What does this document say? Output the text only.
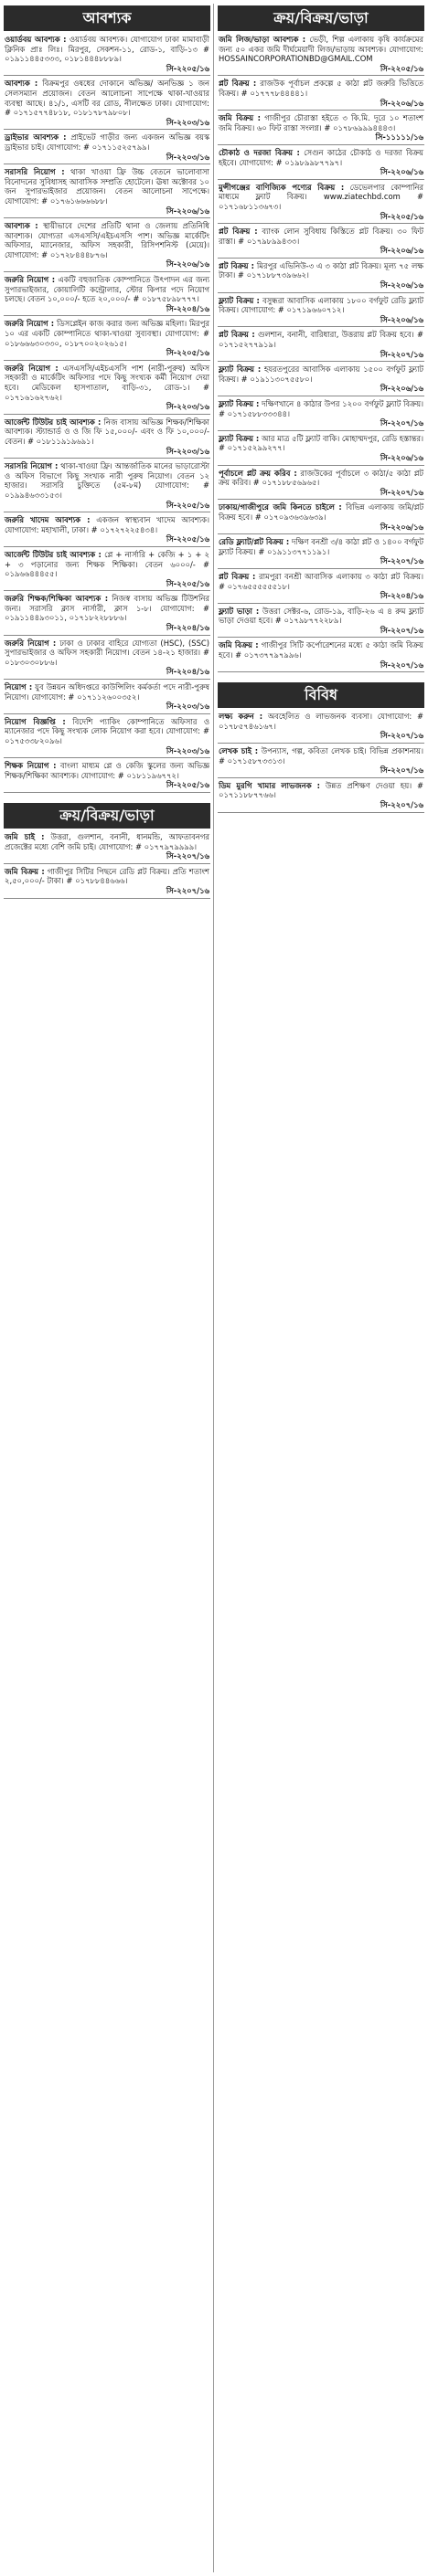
আবশ্যক
ওয়ার্ডবয় আবশ্যক : ওয়ার্ডবয় আবশ্যক। যোগাযোগ ঢাকা মামাবাড়ী ক্লিনিক প্রাঃ লিঃ। মিরপুর, সেকশন-১১, রোড-১, বাড়ি-১৩ # ০১৯১১৪৪৫৩৩৩, ০১৮১৪৪৪৮৮৮৯।
সি-২২০৫/১৬
আবশ্যক : বিক্রমপুর ওষধের দোকানে অভিজ্ঞ/ অনভিজ্ঞ ১ জন সেলসম্যান প্রয়োজন। বেতন আলোচনা সাপেক্ষে থাকা-খাওয়ার ব্যবস্থা আছে। ৪১/১, এসটি বর রোড, নীলক্ষেত ঢাকা। যোগাযোগ: # ০১৭১৫৭৭৪৮১৮, ০১৮১৭৮৭৯৮০৮।
সি-২২০৩/১৬
ড্রাইভার আবশ্যক : প্রাইভেট গাড়ীর জন্য একজন অভিজ্ঞ বয়স্ক ড্রাইভার চাই। যোগাযোগ: # ০১৭১১৫২৫৭৯৯।
সি-২২০৩/১৬
সরাসরি নিয়োগ : থাকা খাওয়া ফ্রি উচ্চ বেতনে ভালোবাসা বিনোদনের সুবিধাসহ আবাসিক সম্প্রতি হোটেলে। ঊষা অক্টোবর ১০ জন সুপারভাইজার প্রয়োজন। বেতন আলোচনা সাপেক্ষে। যোগাযোগ: # ০১৭৬১৬৬৬৬৮৮।
সি-২২০৬/১৬
আবশ্যক : স্থায়ীভাবে দেশের প্রতিটি থানা ও জেলায় প্রতিনিধি আবশ্যক। যোগ্যতা এসএসসি/এইচএসসি পাশ। অভিজ্ঞ মার্কেটিং অফিসার, ম্যানেজার, অফিস সহকারী, রিসিপশনিস্ট (মেয়ে)। যোগাযোগ: # ০১৭২৮৪৪৪৮৭৬।
সি-২২০৬/১৬
জরুরি নিয়োগ : একটি বহুজাতিক কোম্পানিতে উৎপাদন এর জন্য সুপারভাইজার, কোয়ালিটি কন্ট্রোলার, স্টোর কিপার পদে নিয়োগ চলছে। বেতন ১০,০০০/- হতে ২০,০০০/- # ০১৮৭৫৮৯৮৭৭৭।
সি-২২০৪/১৬
জরুরি নিয়োগ : ডিসপ্লেইন কাজ করার জন্য অভিজ্ঞ মহিলা। মিরপুর ১০ এর একটি কোম্পানিতে থাকা-খাওয়া সুব্যবস্থা। যোগাযোগ: # ০১৮৬৬৬৩০৩৩০, ০১৮৭০০২০২৬১৫।
সি-২২০৫/১৬
জরুরি নিয়োগ : এসএসসি/এইচএসসি পাশ (নারী-পুরুষ) অফিস সহকারী ও মার্কেটিং অফিসার পদে কিছু সংখ্যক কর্মী নিয়োগ দেয়া হবে। মেডিকেল হাসপাতাল, বাড়ি-৩১, রোড-১। # ০১৭১৬১৬২৭৬২।
সি-২২০৩/১৬
আর্জেন্ট টিউটর চাই আবশ্যক : নিজ বাসায় অভিজ্ঞ শিক্ষক/শিক্ষিকা আবশ্যক। স্ট্যান্ডার্ড ও ও জি ফি ১৫,০০০/- এবং ও ফি ১০,০০০/- বেতন। # ০১৮১১৯১৯৬৯১।
সি-২২০৩/১৬
সরাসরি নিয়োগ : থাকা-খাওয়া ফ্রি। আন্তর্জাতিক মানের ভাড়ারোস্টা ও অফিস বিভাগে কিছু সংখ্যক নারী পুরুষ নিয়োগ। বেতন ১২ হাজার। সরাসরি চুক্তিতে (৫ম-৮ম) যোগাযোগ: # ০১৯৯৪৬৩৩১৫৩।
সি-২২০৫/১৬
জরুরি খাদেম আবশ্যক : একজন স্বাস্থ্যবান খাদেম আবশ্যক। যোগাযোগ: মহাখালী, ঢাকা। # ০১৭২৭২২৫৪৩৪।
সি-২২০৫/১৬
আর্জেন্ট টিউটর চাই আবশ্যক : প্লে + নার্সারি + কেজি + ১ + ২ + ৩ পড়ানোর জন্য শিক্ষক শিক্ষিকা। বেতন ৬০০০/- # ০১৯৬৬৪৪৪৫৫।
সি-২২০৫/১৬
জরুরি শিক্ষক/শিক্ষিকা আবশ্যক : নিজস্ব বাসায় অভিজ্ঞ টিউশনির জন্য। সরাসরি ক্লাস নার্সারী, ক্লাস ১-৮। যোগাযোগ: # ০১৯১১৪৪৯৩০১১, ০১৭১৮২২৮৮৮৬।
সি-২২০৪/১৬
জরুরি নিয়োগ : ঢাকা ও ঢাকার বাহিরে যোগ্যতা (HSC), (SSC) সুপারভাইজার ও অফিস সহকারী নিয়োগ। বেতন ১৪-২১ হাজার। # ০১৮৩০৩০৮৮৬।
সি-২২০৪/১৬
নিয়োগ : যুব উন্নয়ন অধিদপ্তরে কাউন্সিলিং কর্মকর্তা পদে নারী-পুরুষ নিয়োগ। যোগাযোগ: # ০১৭১১২৬০০৩৫২।
সি-২২০৩/১৬
নিয়োগ বিজ্ঞপ্তি : বিদেশি প্যাকিং কোম্পানিতে অফিসার ও ম্যানেজার পদে কিছু সংখ্যক লোক নিয়োগ করা হবে। যোগাযোগ: # ০১৭৫৩৩৮২০৯৬।
সি-২২০৩/১৬
শিক্ষক নিয়োগ : বাংলা মাধ্যম প্লে ও কেজি স্কুলের জন্য অভিজ্ঞ শিক্ষক/শিক্ষিকা আবশ্যক। যোগাযোগ: # ০১৮১১৯৬৭৭২।
সি-২২০৫/১৬
ক্রয়/বিক্রয়/ভাড়া
জমি চাই : উত্তরা, গুলশান, বনানী, ধানমন্ডি, আফতাবনগর প্রজেক্টের মধ্যে বেশি জমি চাই। যোগাযোগ: # ০১৭৭৯৭৯৯৯৯।
সি-২২০৭/১৬
জমি বিক্রয় : গাজীপুর সিটির পিছনে রেডি প্লট বিক্রয়। প্রতি শতাংশ ২,৫০,০০০/- টাকা। # ০১৭৮৮৪৪৬৬৬।
সি-২২০৭/১৬
ক্রয়/বিক্রয়/ভাড়া
জমি লিজ/ভাড়া আবশ্যক : ভেড়ী, শিল্প এলাকায় কৃষি কার্যক্রমের জন্য ৫০ একর জমি দীর্ঘমেয়াদী লিজ/ভাড়ায় আবশ্যক। যোগাযোগ: HOSSAINCORPORATIONBD@GMAIL.COM
সি-২২০৫/১৬
প্লট বিক্রয় : রাজউক পূর্বাচল প্রকল্পে ৫ কাঠা প্লট জরুরি ভিত্তিতে বিক্রয়। # ০১৭৭৭৮৪৪৪৪১।
সি-২২০৬/১৬
জমি বিক্রয় : গাজীপুর চৌরাস্তা হইতে ৩ কি.মি. দূরে ১০ শতাংশ জমি বিক্রয়। ৬০ ফিট রাস্তা সংলগ্ন। # ০১৭৮৬৯৯৯৪৪৪৩।
সি-১১১১১/১৬
চৌকাঠ ও দরজা বিক্রয় : সেগুন কাঠের চৌকাঠ ও দরজা বিক্রয় হইবে। যোগাযোগ: # ০১৯৮৯৯৮৭৭৯৭।
সি-২২০৬/১৬
মুন্সীগঞ্জের বাণিজ্যিক পণ্যের বিক্রয় : ডেভেলপার কোম্পানির মাধ্যমে ফ্ল্যাট বিক্রয়। www.ziatechbd.com # ০১৭১৬৮১১৩৬৭৩।
সি-২২০৫/১৬
প্লট বিক্রয় : ব্যাংক লোন সুবিধায় কিস্তিতে প্লট বিক্রয়। ৩০ ফিট রাস্তা। # ০১৭৯৮৯৯৪৩৩।
সি-২২০৬/১৬
প্লট বিক্রয় : মিরপুর এভিনিউ-৩ এ ৩ কাঠা প্লট বিক্রয়। মূল্য ৭৫ লক্ষ টাকা। # ০১৭১৮৮৭৩৯৬৬২।
সি-২২০৬/১৬
ফ্ল্যাট বিক্রয় : বসুন্ধরা আবাসিক এলাকায় ১৮০০ বর্গফুট রেডি ফ্ল্যাট বিক্রয়। যোগাযোগ: # ০১৭১৯৬৬০৭১২।
সি-২২০৬/১৬
প্লট বিক্রয় : গুলশান, বনানী, বারিধারা, উত্তরায় প্লট বিক্রয় হবে। # ০১৭১৫২৭৭৯১৯।
সি-২২০৭/১৬
ফ্ল্যাট বিক্রয় : হযরতপুরের আবাসিক এলাকায় ১৫০০ বর্গফুট ফ্ল্যাট বিক্রয়। # ০১৯১১৩০৭৫৫৮০।
সি-২২০৬/১৬
ফ্ল্যাট বিক্রয় : দক্ষিণখানে ৪ কাঠার উপর ১২০০ বর্গফুট ফ্ল্যাট বিক্রয়। # ০১৭১৫৮৮৩৩৩৪৪।
সি-২২০৭/১৬
ফ্ল্যাট বিক্রয় : আর মাত্র ৫টি ফ্ল্যাট বাকি। মোহাম্মদপুর, রেডি হস্তান্তর। # ০১৭১৫২৯৯২৭৭।
সি-২২০৬/১৬
পূর্বাচলে প্লট ক্রয় করিব : রাজউকের পূর্বাচলে ৩ কাঠা/৫ কাঠা প্লট ক্রয় করিব। # ০১৭১৮৮৫৬৯৬৫।
সি-২২০৭/১৬
ঢাকায়/গাজীপুরে জমি কিনতে চাইলে : বিভিন্ন এলাকায় জমি/প্লট বিক্রয় হবে। # ০১৭০৯৩৬৩৯৬৩৯।
সি-২২০৬/১৬
রেডি ফ্ল্যাট/প্লট বিক্রয় : দক্ষিণ বনশ্রী ৩/৪ কাঠা প্লট ও ১৪০০ বর্গফুট ফ্ল্যাট বিক্রয়। # ০১৯১১৩৭৭১১৯১।
সি-২২০৭/১৬
প্লট বিক্রয় : রামপুরা বনশ্রী আবাসিক এলাকায় ৩ কাঠা প্লট বিক্রয়। # ০১৭৬৫৫৫৫৫৫১৮।
সি-২২০৪/১৬
ফ্ল্যাট ভাড়া : উত্তরা সেক্টর-৬, রোড-১৯, বাড়ি-২৬ এ ৪ রুম ফ্ল্যাট ভাড়া দেওয়া হবে। # ০১৭৯৮৭৭২২৮৯।
সি-২২০৭/১৬
জমি বিক্রয় : গাজীপুর সিটি কর্পোরেশনের মধ্যে ৫ কাঠা জমি বিক্রয় হবে। # ০১৭৩৭৭৯৭৯৯৬।
সি-২২০৭/১৬
বিবিধ
লক্ষ্য করুন : অবহেলিত ও লাভজনক ব্যবসা। যোগাযোগ: # ০১৭৮৫৭৪৬১৬৭।
সি-২২০৭/১৬
লেখক চাই : উপন্যাস, গল্প, কবিতা লেখক চাই। বিভিন্ন প্রকাশনায়। # ০১৭১৫৮৭৩৩১৩।
সি-২২০৭/১৬
ডিম মুরগি খামার লাভজনক : উন্নত প্রশিক্ষণ দেওয়া হয়। # ০১৭১১৮৮৭৭৬৬।
সি-২২০৭/১৬
